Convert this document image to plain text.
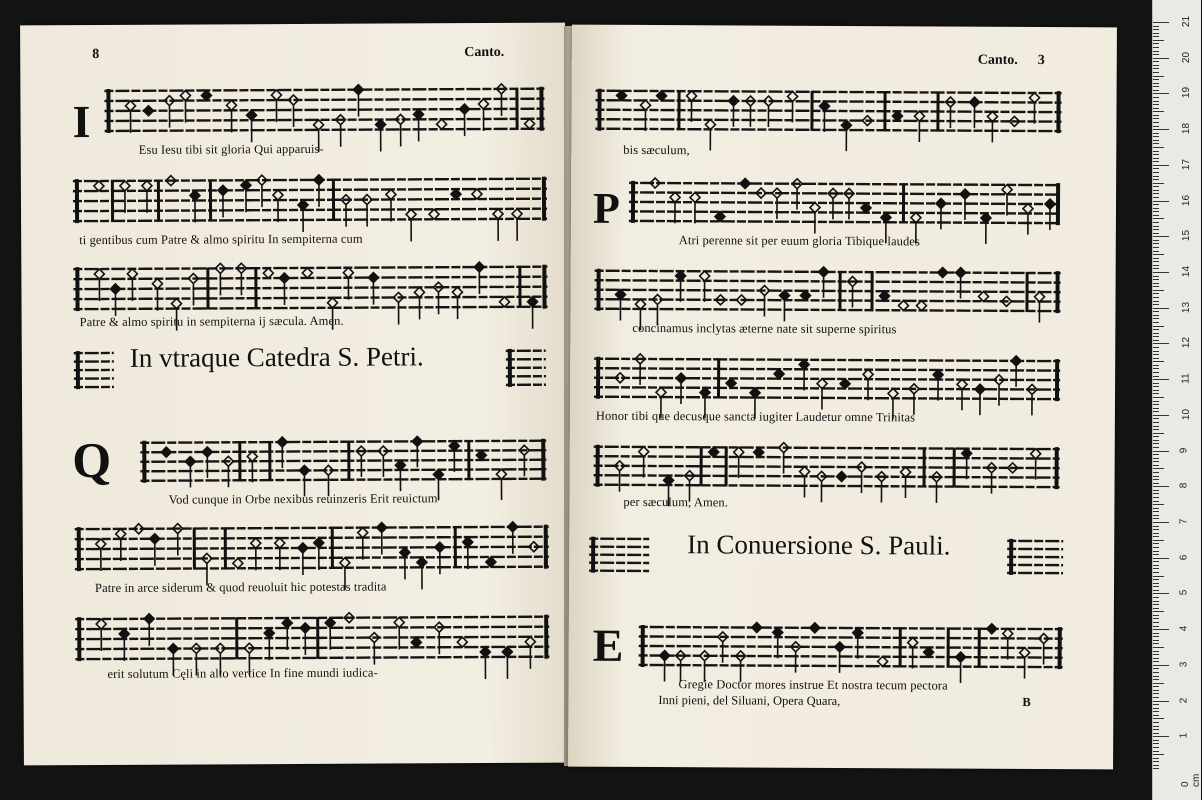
8	Canto.
I
Esu Iesu tibi sit gloria Qui apparuis-
ti gentibus cum Patre & almo spiritu In sempiterna cum
Patre & almo spiritu in sempiterna ij sæcula. Amen.
In vtraque Catedra S. Petri.
Q
Vod cunque in Orbe nexibus reuinzeris Erit reuictum
Patre in arce siderum & quod reuoluit hic potestas tradita
erit solutum Cęli in alto vertice In fine mundi iudica-
Canto. 3
bis sæculum,
P
Atri perenne sit per euum gloria Tibique laudes
concinamus inclytas æterne nate sit superne spiritus
Honor tibi que decusque sancta iugiter Laudetur omne Trinitas
per sæculum, Amen.
In Conuersione S. Pauli.
E
Gregie Doctor mores instrue Et nostra tecum pectora
Inni pieni, del Siluani, Opera Quara,	B
21
20
19
18
17
16
15
14
13
12
11
10
9
8
7
6
5
4
3
2
1
0 cm
